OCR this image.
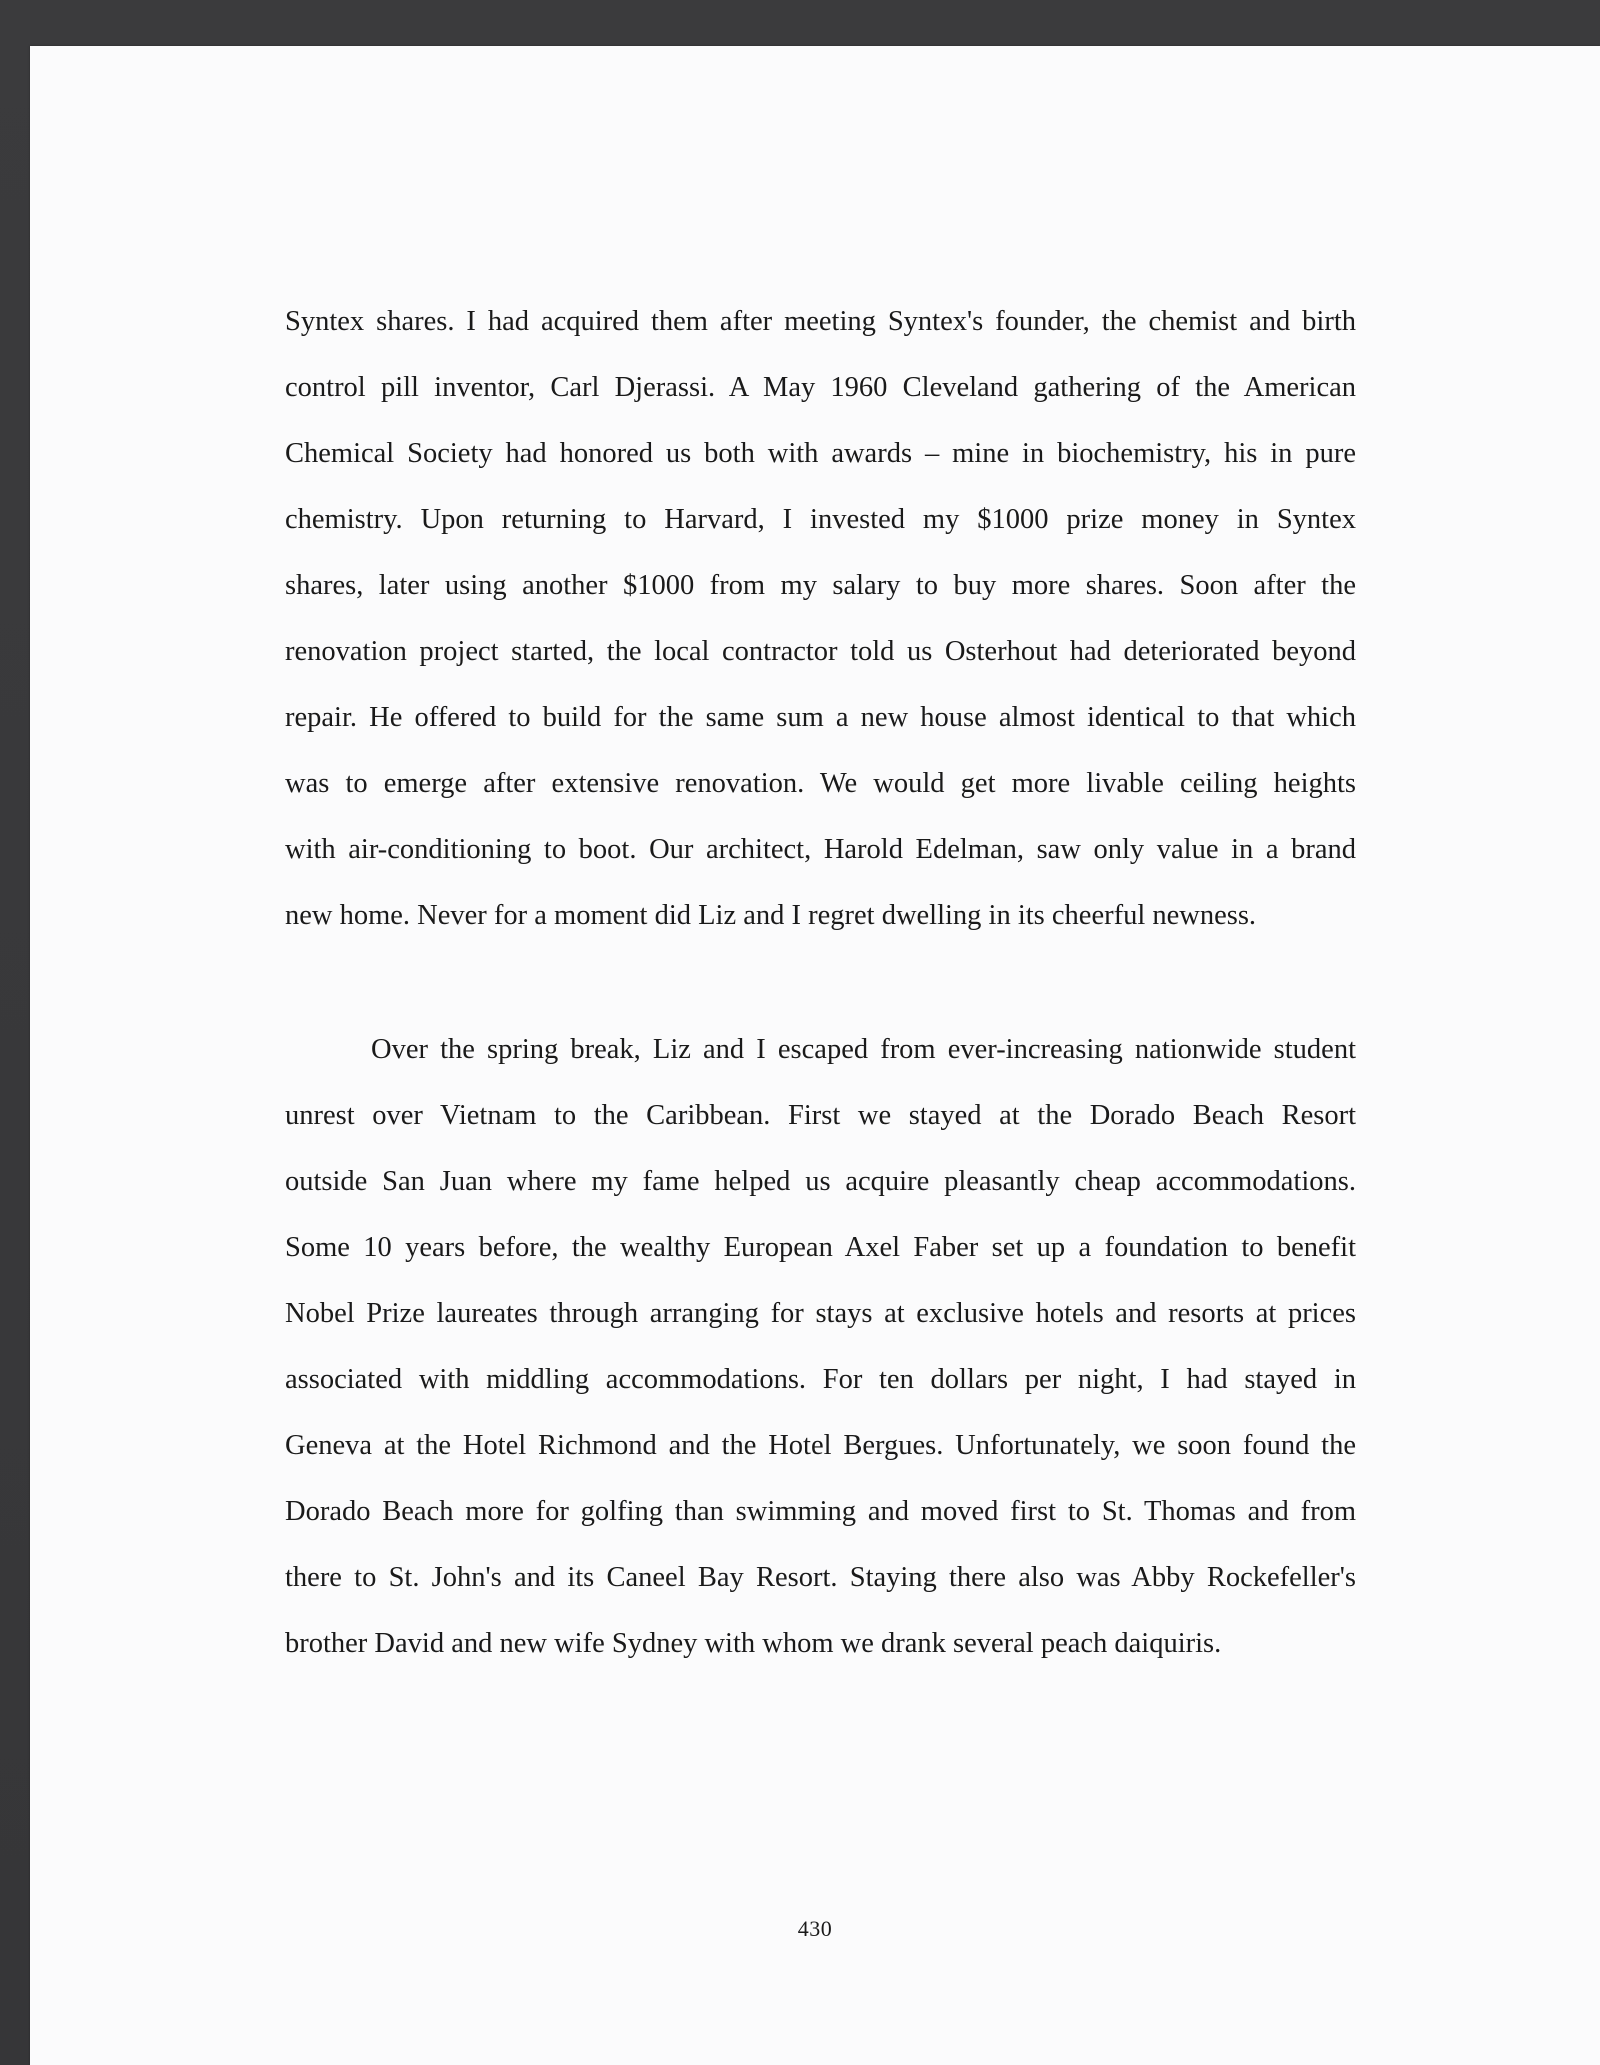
Syntex shares. I had acquired them after meeting Syntex's founder, the chemist and birth
control pill inventor, Carl Djerassi. A May 1960 Cleveland gathering of the American
Chemical Society had honored us both with awards – mine in biochemistry, his in pure
chemistry. Upon returning to Harvard, I invested my $1000 prize money in Syntex
shares, later using another $1000 from my salary to buy more shares. Soon after the
renovation project started, the local contractor told us Osterhout had deteriorated beyond
repair. He offered to build for the same sum a new house almost identical to that which
was to emerge after extensive renovation. We would get more livable ceiling heights
with air-conditioning to boot. Our architect, Harold Edelman, saw only value in a brand
new home. Never for a moment did Liz and I regret dwelling in its cheerful newness.
Over the spring break, Liz and I escaped from ever-increasing nationwide student
unrest over Vietnam to the Caribbean. First we stayed at the Dorado Beach Resort
outside San Juan where my fame helped us acquire pleasantly cheap accommodations.
Some 10 years before, the wealthy European Axel Faber set up a foundation to benefit
Nobel Prize laureates through arranging for stays at exclusive hotels and resorts at prices
associated with middling accommodations. For ten dollars per night, I had stayed in
Geneva at the Hotel Richmond and the Hotel Bergues. Unfortunately, we soon found the
Dorado Beach more for golfing than swimming and moved first to St. Thomas and from
there to St. John's and its Caneel Bay Resort. Staying there also was Abby Rockefeller's
brother David and new wife Sydney with whom we drank several peach daiquiris.
430
